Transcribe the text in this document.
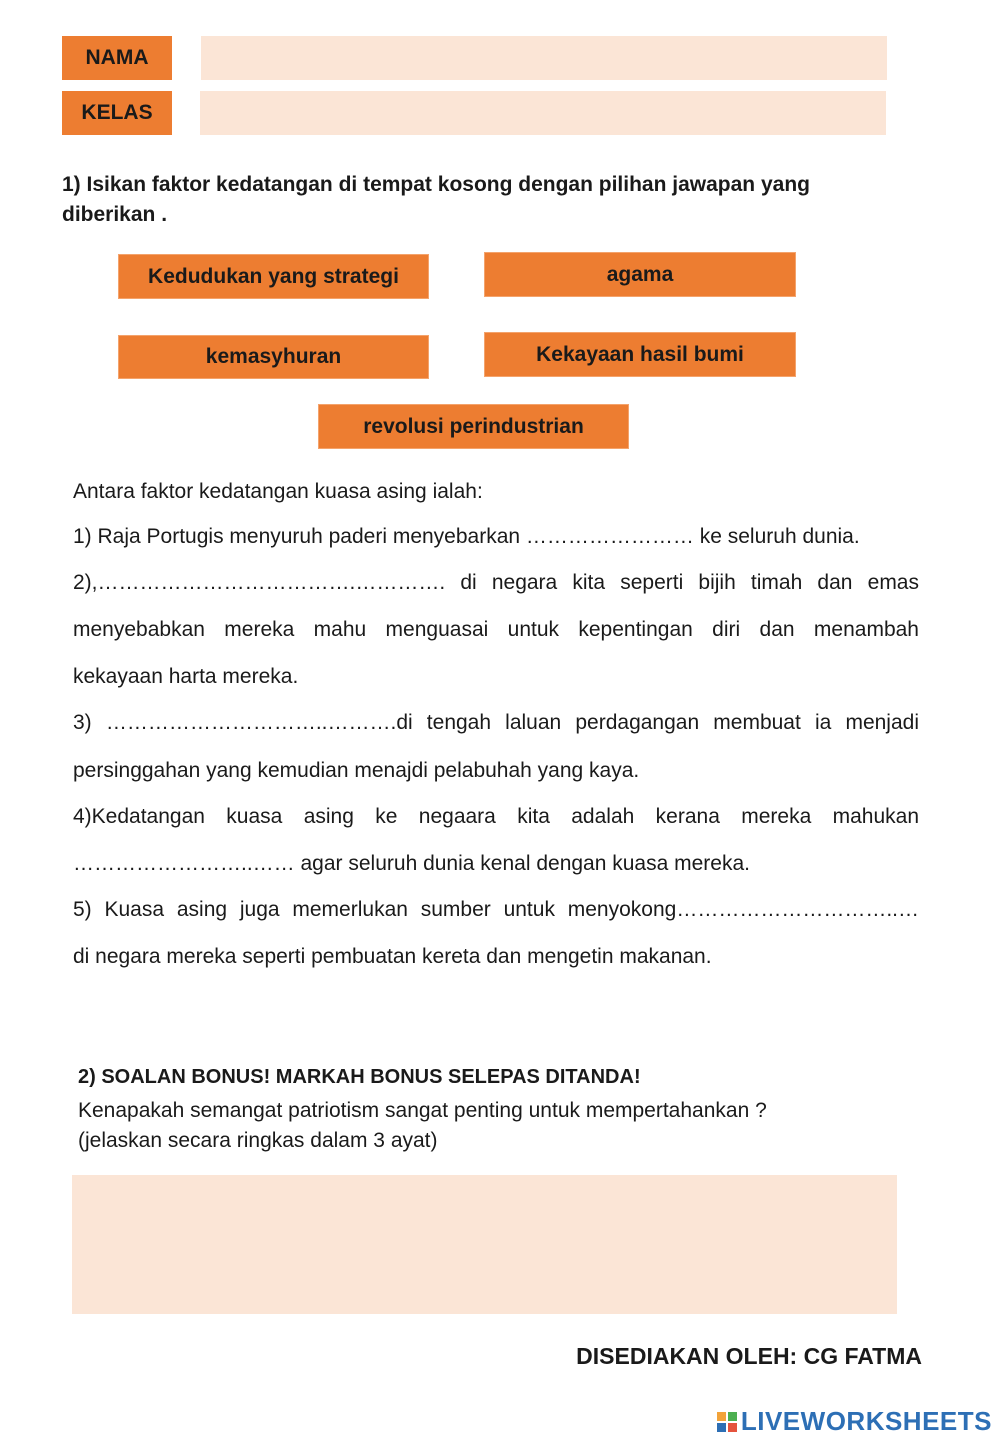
NAMA
KELAS
1) Isikan faktor kedatangan di tempat kosong dengan pilihan jawapan yang
diberikan .
Kedudukan yang strategi	agama
kemasyhuran	Kekayaan hasil bumi
revolusi perindustrian
Antara faktor kedatangan kuasa asing ialah:
1) Raja Portugis menyuruh paderi menyebarkan …………………… ke seluruh dunia.
2),……………………………….…………. di negara kita seperti bijih timah dan emas
menyebabkan mereka mahu menguasai untuk kepentingan diri dan menambah
kekayaan harta mereka.
3) …………………………..……….di tengah laluan perdagangan membuat ia menjadi
persinggahan yang kemudian menajdi pelabuhah yang kaya.
4)Kedatangan kuasa asing ke negaara kita adalah kerana mereka mahukan
……………………..…… agar seluruh dunia kenal dengan kuasa mereka.
5) Kuasa asing juga memerlukan sumber untuk menyokong…………………………..…
di negara mereka seperti pembuatan kereta dan mengetin makanan.
2) SOALAN BONUS! MARKAH BONUS SELEPAS DITANDA!
Kenapakah semangat patriotism sangat penting untuk mempertahankan ?
(jelaskan secara ringkas dalam 3 ayat)
DISEDIAKAN OLEH: CG FATMA
LIVEWORKSHEETS
